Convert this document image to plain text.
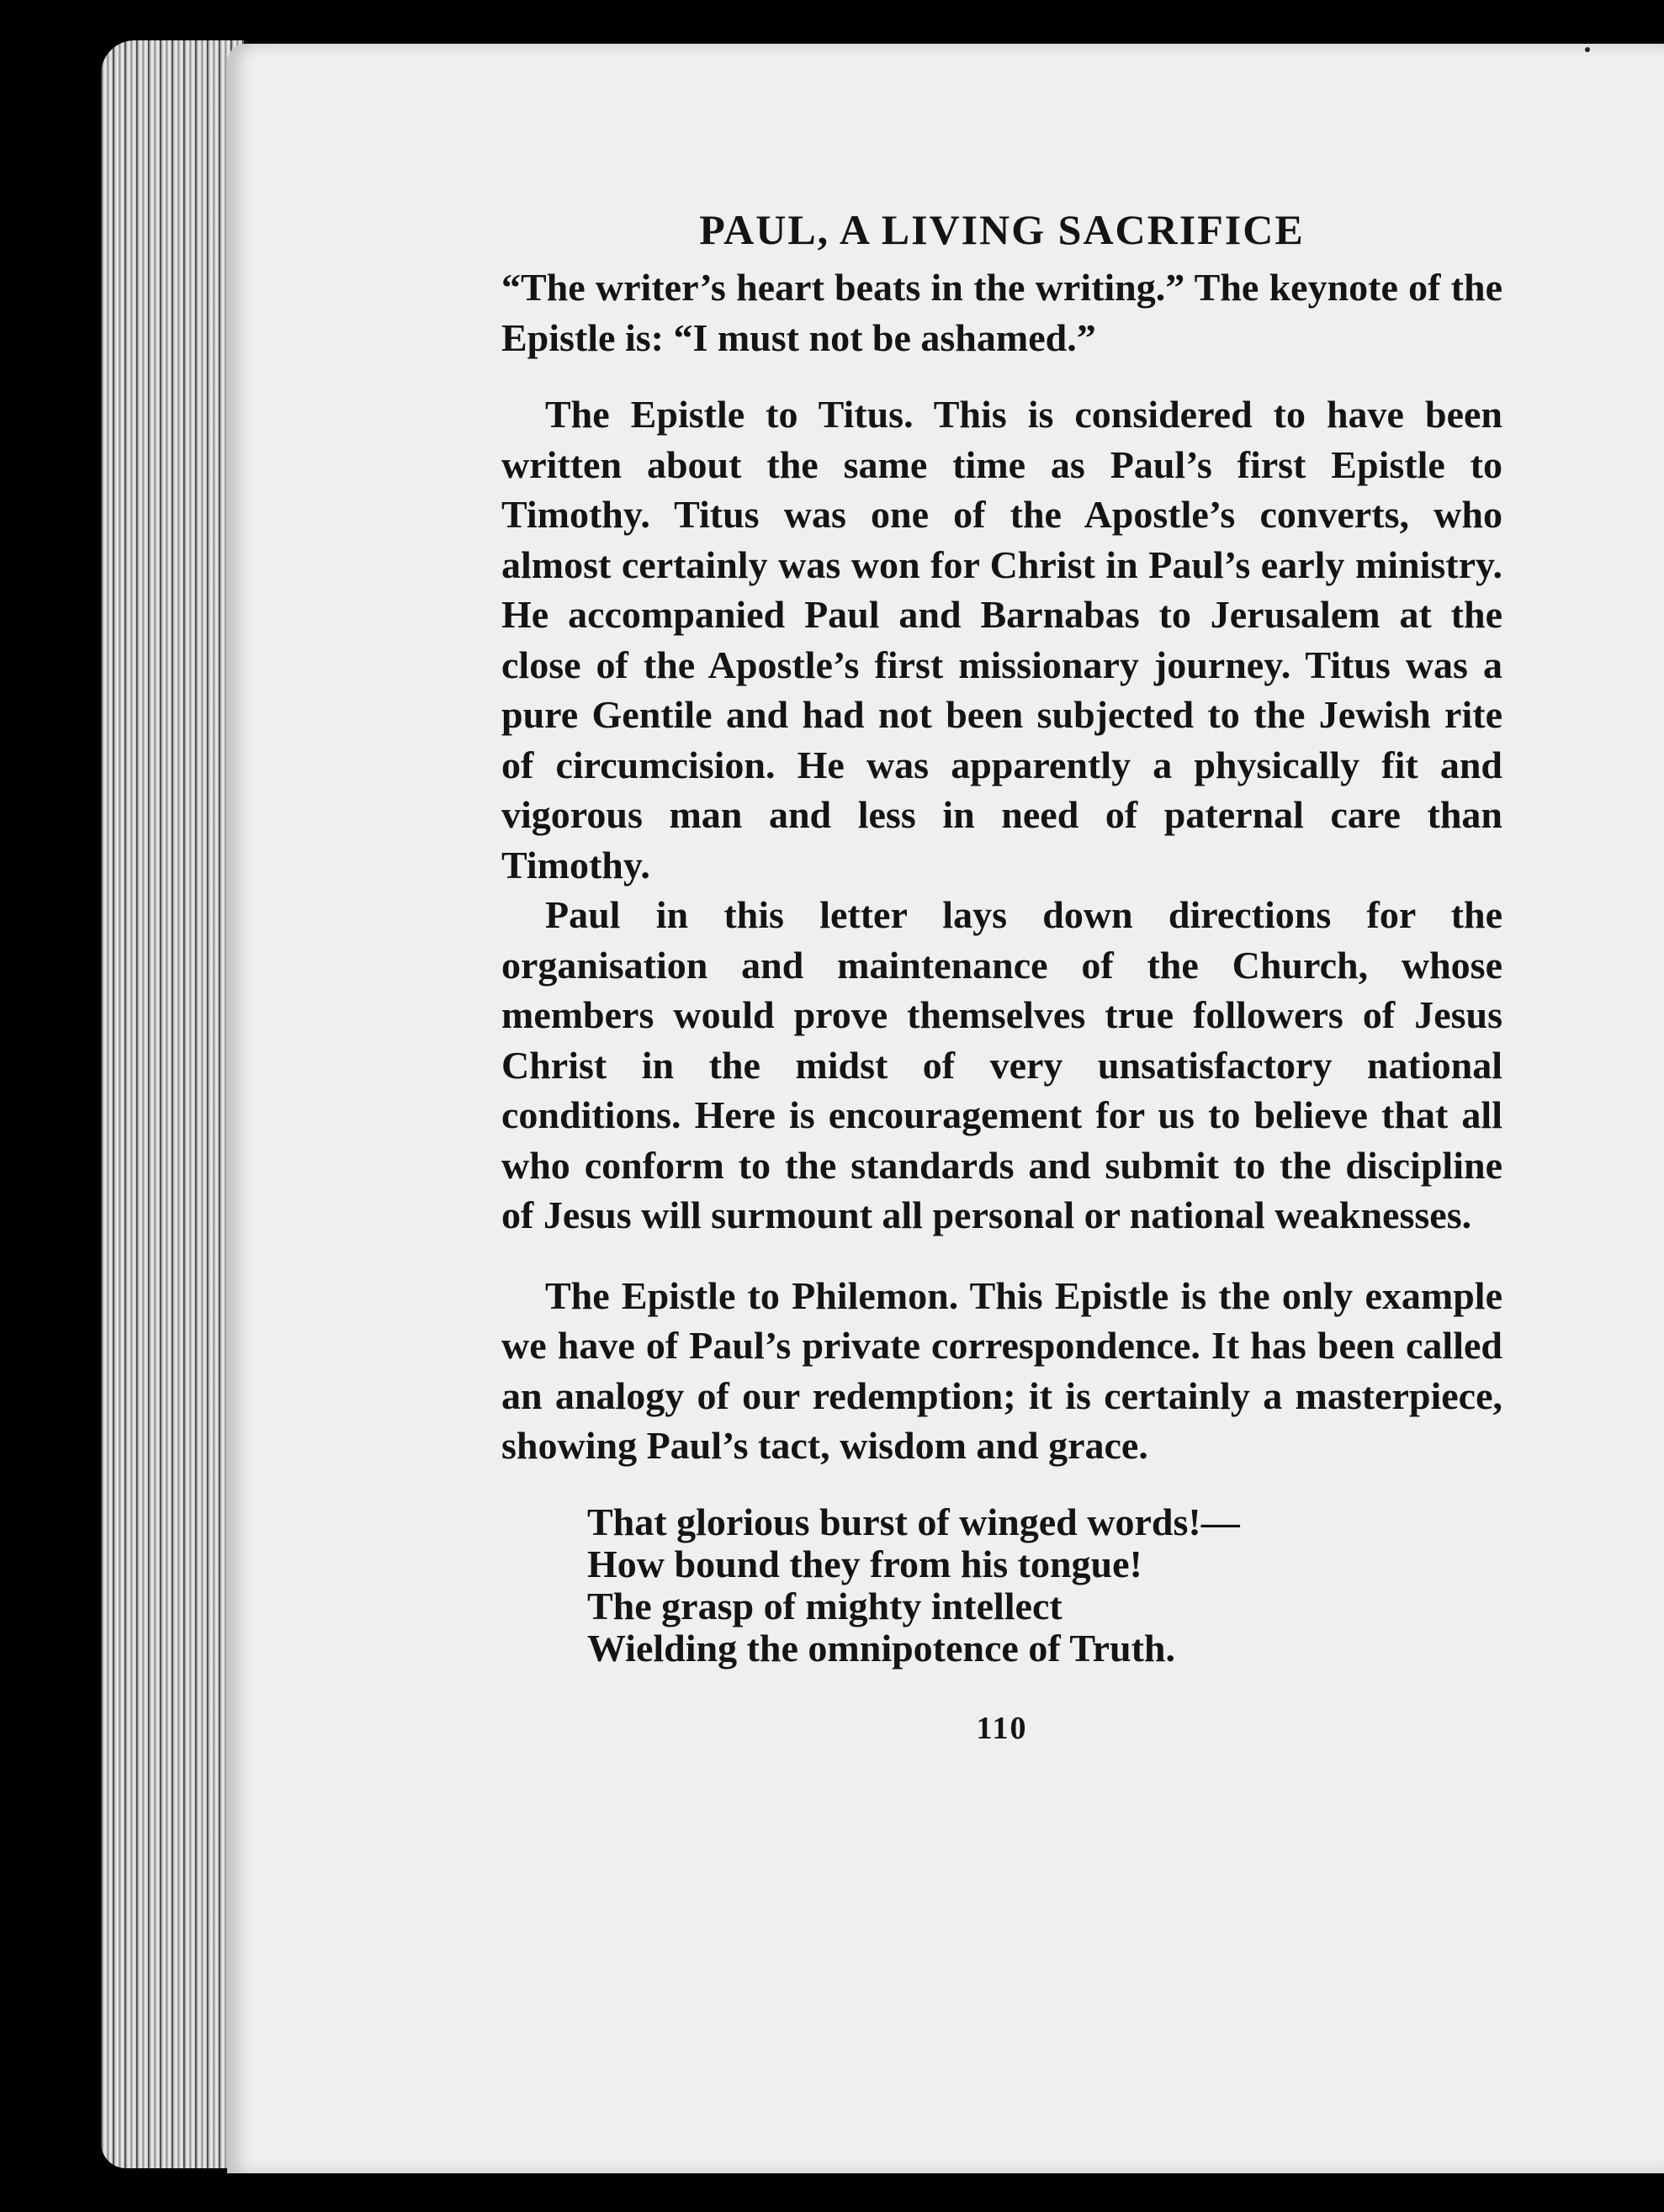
PAUL, A LIVING SACRIFICE

“The writer’s heart beats in the writing.” The keynote of the Epistle is: “I must not be ashamed.”

The Epistle to Titus. This is considered to have been written about the same time as Paul’s first Epistle to Timothy. Titus was one of the Apostle’s converts, who almost certainly was won for Christ in Paul’s early ministry. He accompanied Paul and Barnabas to Jerusalem at the close of the Apostle’s first missionary journey. Titus was a pure Gentile and had not been subjected to the Jewish rite of circumcision. He was apparently a physically fit and vigorous man and less in need of paternal care than Timothy.

Paul in this letter lays down directions for the organisation and maintenance of the Church, whose members would prove themselves true followers of Jesus Christ in the midst of very unsatisfactory national conditions. Here is encouragement for us to believe that all who conform to the standards and submit to the discipline of Jesus will surmount all personal or national weaknesses.

The Epistle to Philemon. This Epistle is the only example we have of Paul’s private correspondence. It has been called an analogy of our redemption; it is certainly a masterpiece, showing Paul’s tact, wisdom and grace.

That glorious burst of winged words!—
How bound they from his tongue!
The grasp of mighty intellect
Wielding the omnipotence of Truth.
110
